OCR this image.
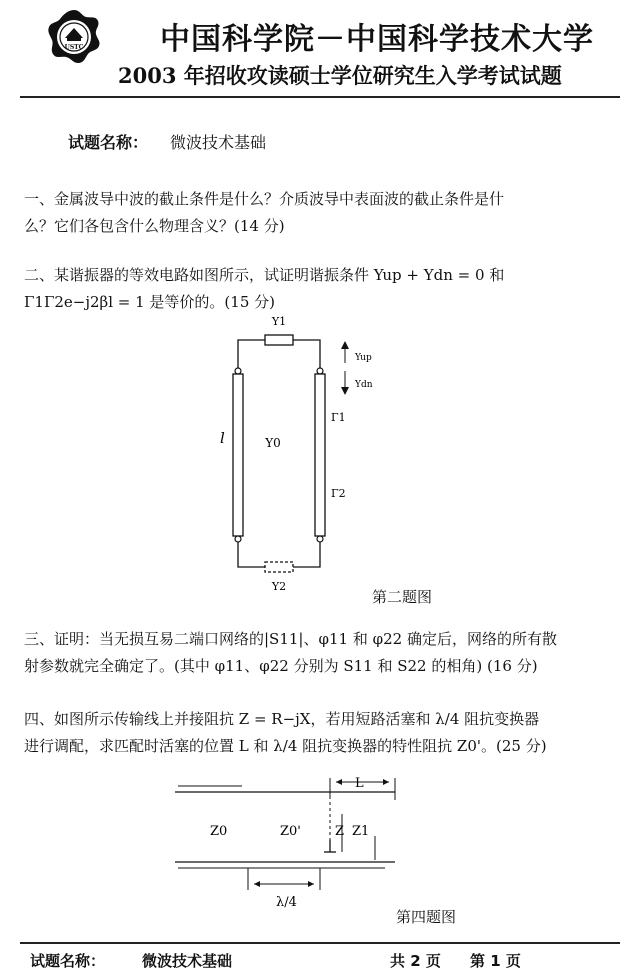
USTC	中国科学院－中国科学技术大学
2003 年招收攻读硕士学位研究生入学考试试题
试题名称： 微波技术基础
一、金属波导中波的截止条件是什么？介质波导中表面波的截止条件是什
么？它们各包含什么物理含义？(14 分)
二、某谐振器的等效电路如图所示，试证明谐振条件 Yup + Ydn = 0 和
Γ1Γ2e−j2βl = 1 是等价的。(15 分)
Y1
Y2
Yup
Ydn
l	Y0
Γ1
Γ2
第二题图
三、证明：当无损互易二端口网络的|S11|、φ11 和 φ22 确定后，网络的所有散
射参数就完全确定了。(其中 φ11、φ22 分别为 S11 和 S22 的相角) (16 分)
四、如图所示传输线上并接阻抗 Z = R−jX，若用短路活塞和 λ/4 阻抗变换器
进行调配，求匹配时活塞的位置 L 和 λ/4 阻抗变换器的特性阻抗 Z0'。(25 分)
L
Z0	Z0'	Z Z1
λ/4
第四题图
试题名称： 微波技术基础	共 2 页 第 1 页
